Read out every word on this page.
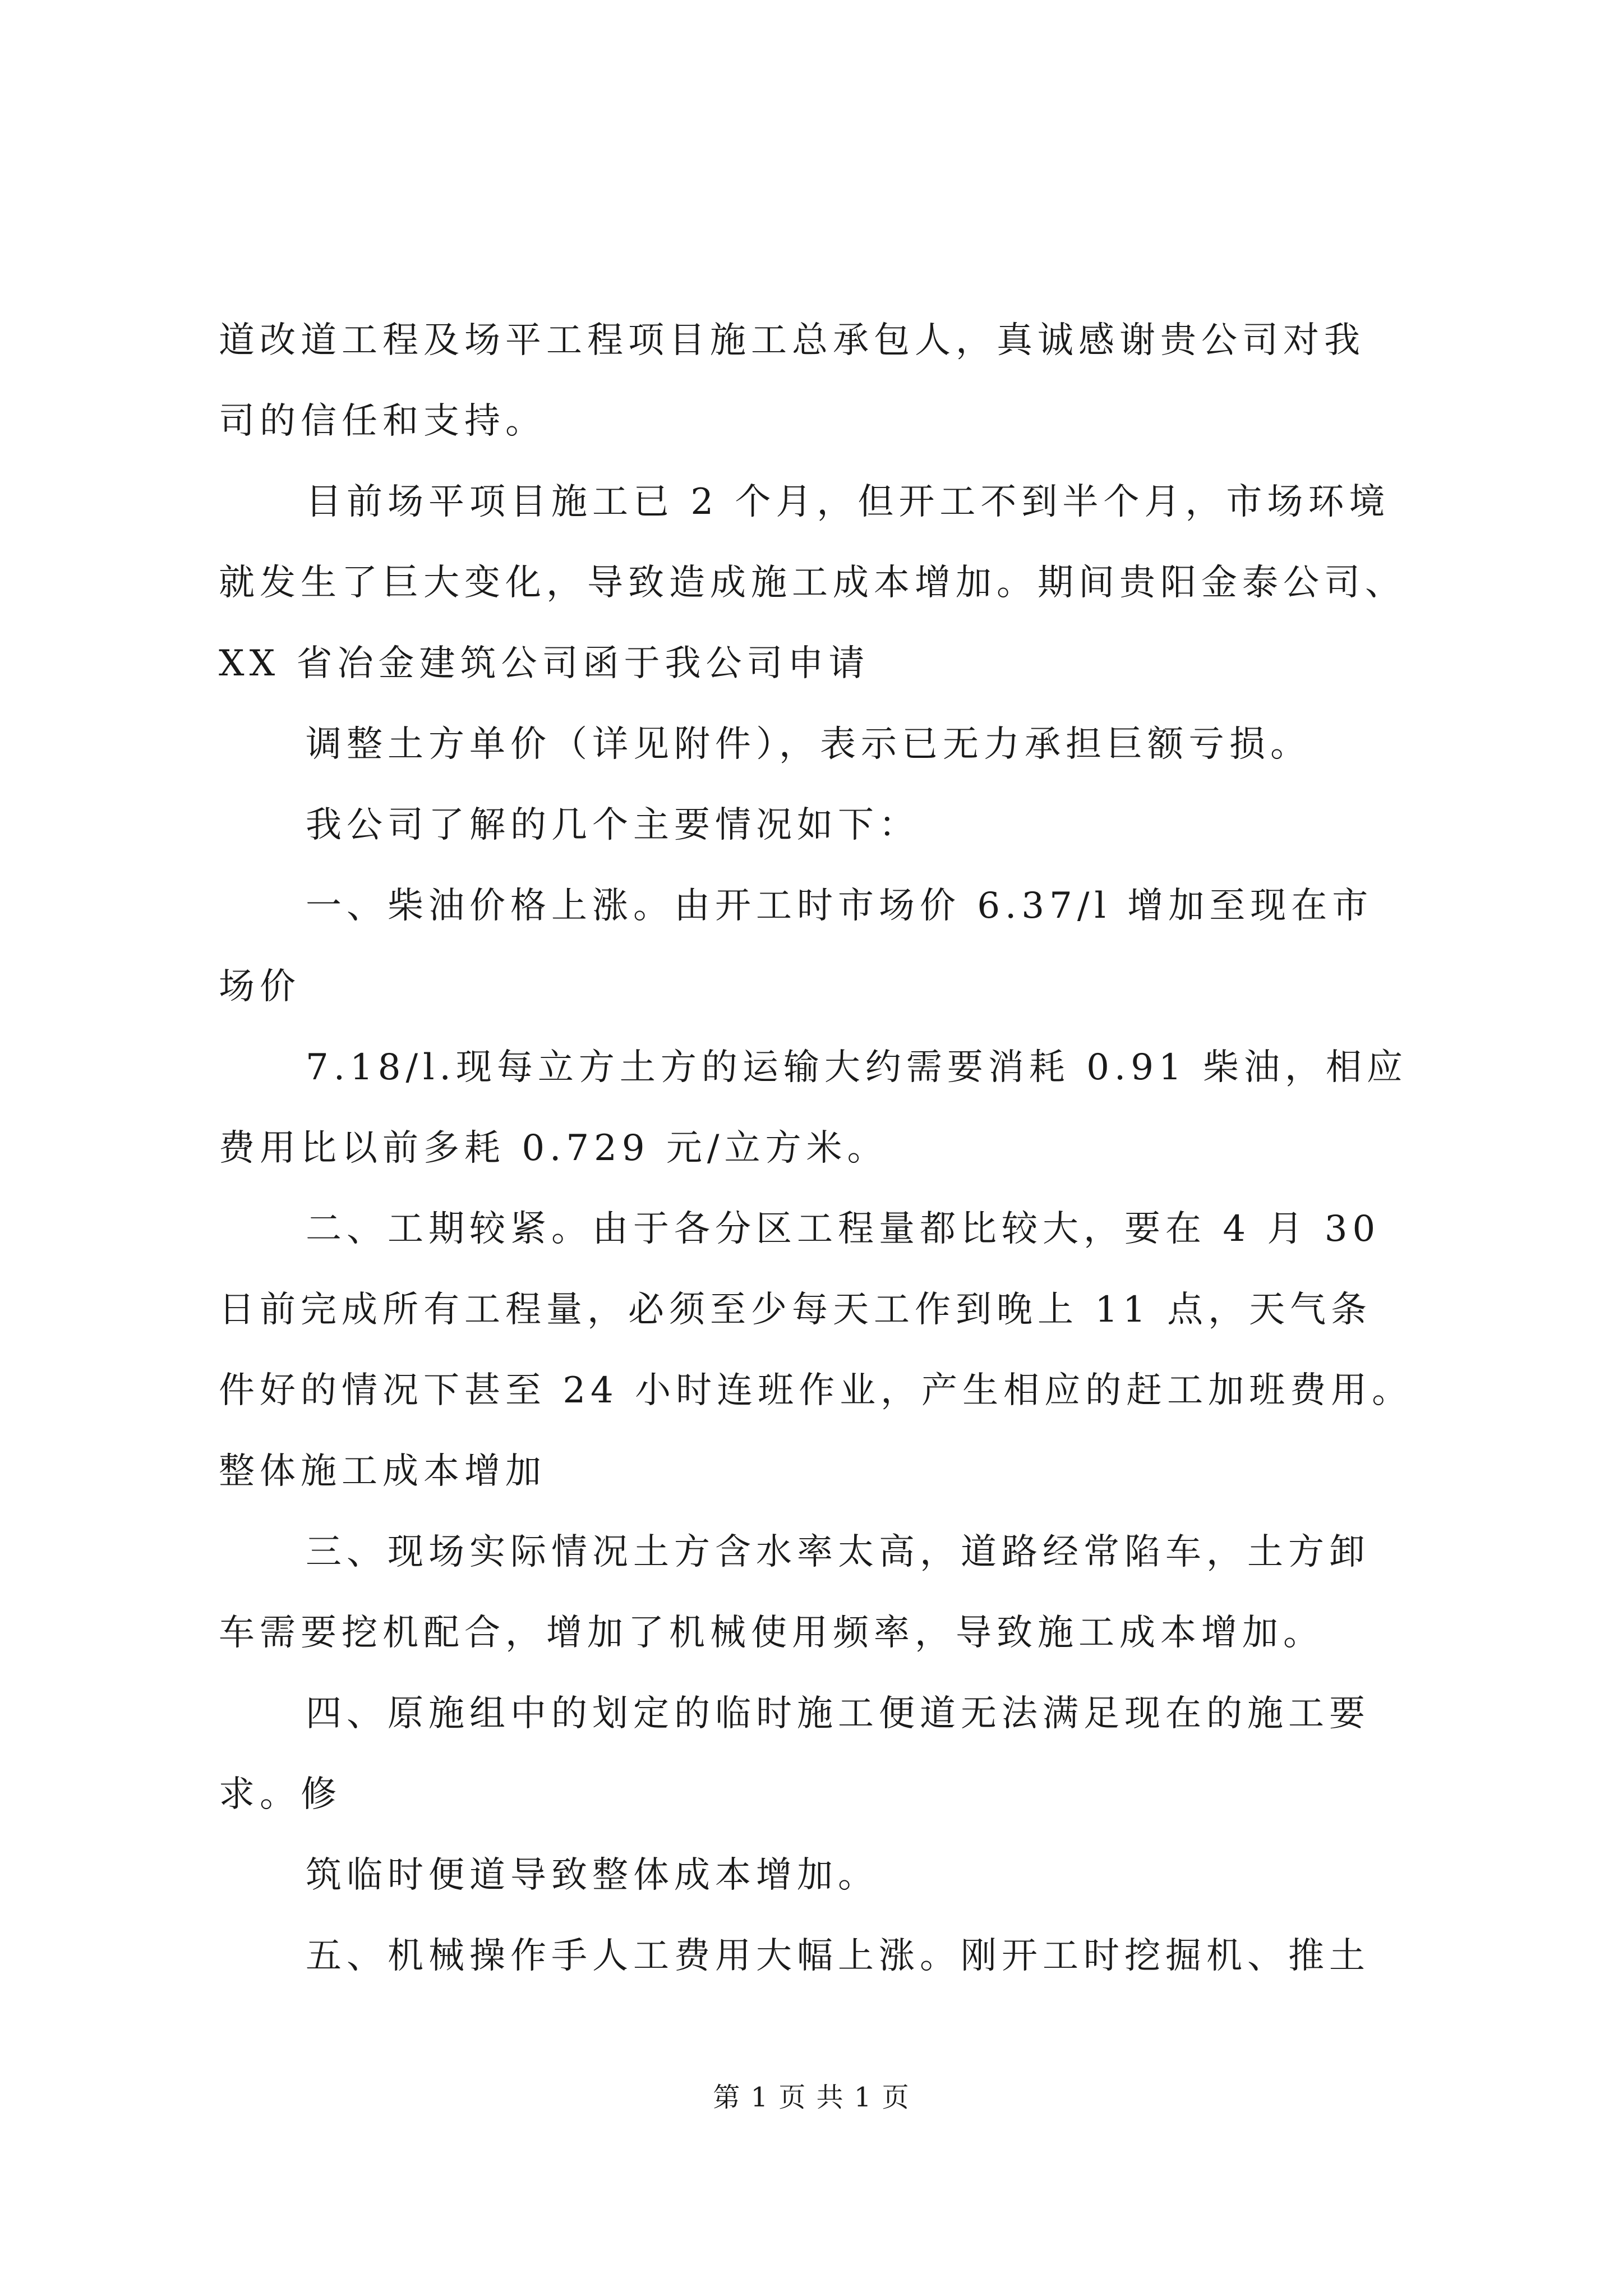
道改道工程及场平工程项目施工总承包人，真诚感谢贵公司对我
司的信任和支持。
目前场平项目施工已 2 个月，但开工不到半个月，市场环境
就发生了巨大变化，导致造成施工成本增加。期间贵阳金泰公司、
XX 省冶金建筑公司函于我公司申请
调整土方单价（详见附件），表示已无力承担巨额亏损。
我公司了解的几个主要情况如下：
一、柴油价格上涨。由开工时市场价 6.37/l 增加至现在市
场价
7.18/l.现每立方土方的运输大约需要消耗 0.91 柴油，相应
费用比以前多耗 0.729 元/立方米。
二、工期较紧。由于各分区工程量都比较大，要在 4 月 30
日前完成所有工程量，必须至少每天工作到晚上 11 点，天气条
件好的情况下甚至 24 小时连班作业，产生相应的赶工加班费用。
整体施工成本增加
三、现场实际情况土方含水率太高，道路经常陷车，土方卸
车需要挖机配合，增加了机械使用频率，导致施工成本增加。
四、原施组中的划定的临时施工便道无法满足现在的施工要
求。修
筑临时便道导致整体成本增加。
五、机械操作手人工费用大幅上涨。刚开工时挖掘机、推土
第 1 页 共 1 页
